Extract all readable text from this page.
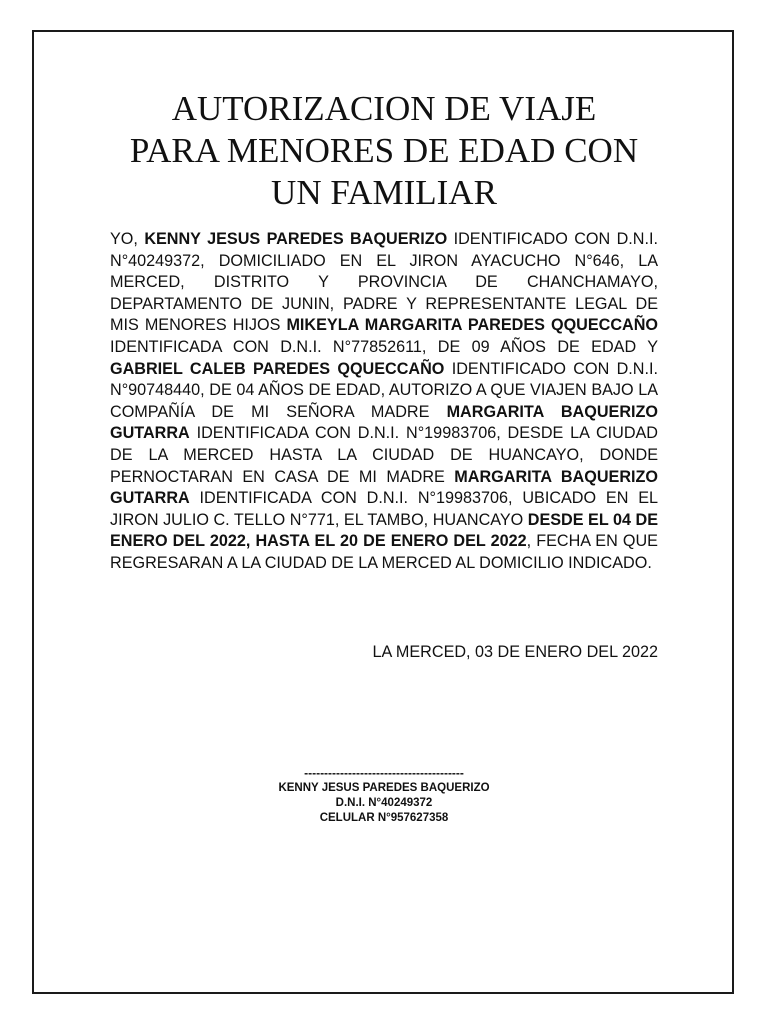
AUTORIZACION DE VIAJE
PARA MENORES DE EDAD CON
UN FAMILIAR

YO, KENNY JESUS PAREDES BAQUERIZO IDENTIFICADO CON D.N.I. N°40249372, DOMICILIADO EN EL JIRON AYACUCHO N°646, LA MERCED, DISTRITO Y PROVINCIA DE CHANCHAMAYO, DEPARTAMENTO DE JUNIN, PADRE Y REPRESENTANTE LEGAL DE MIS MENORES HIJOS MIKEYLA MARGARITA PAREDES QQUECCAÑO IDENTIFICADA CON D.N.I. N°77852611, DE 09 AÑOS DE EDAD Y GABRIEL CALEB PAREDES QQUECCAÑO IDENTIFICADO CON D.N.I. N°90748440, DE 04 AÑOS DE EDAD, AUTORIZO A QUE VIAJEN BAJO LA COMPAÑÍA DE MI SEÑORA MADRE MARGARITA BAQUERIZO GUTARRA IDENTIFICADA CON D.N.I. N°19983706, DESDE LA CIUDAD DE LA MERCED HASTA LA CIUDAD DE HUANCAYO, DONDE PERNOCTARAN EN CASA DE MI MADRE MARGARITA BAQUERIZO GUTARRA IDENTIFICADA CON D.N.I. N°19983706, UBICADO EN EL JIRON JULIO C. TELLO N°771, EL TAMBO, HUANCAYO DESDE EL 04 DE ENERO DEL 2022, HASTA EL 20 DE ENERO DEL 2022, FECHA EN QUE REGRESARAN A LA CIUDAD DE LA MERCED AL DOMICILIO INDICADO.

LA MERCED, 03 DE ENERO DEL 2022
----------------------------------------
KENNY JESUS PAREDES BAQUERIZO
D.N.I. N°40249372
CELULAR N°957627358
